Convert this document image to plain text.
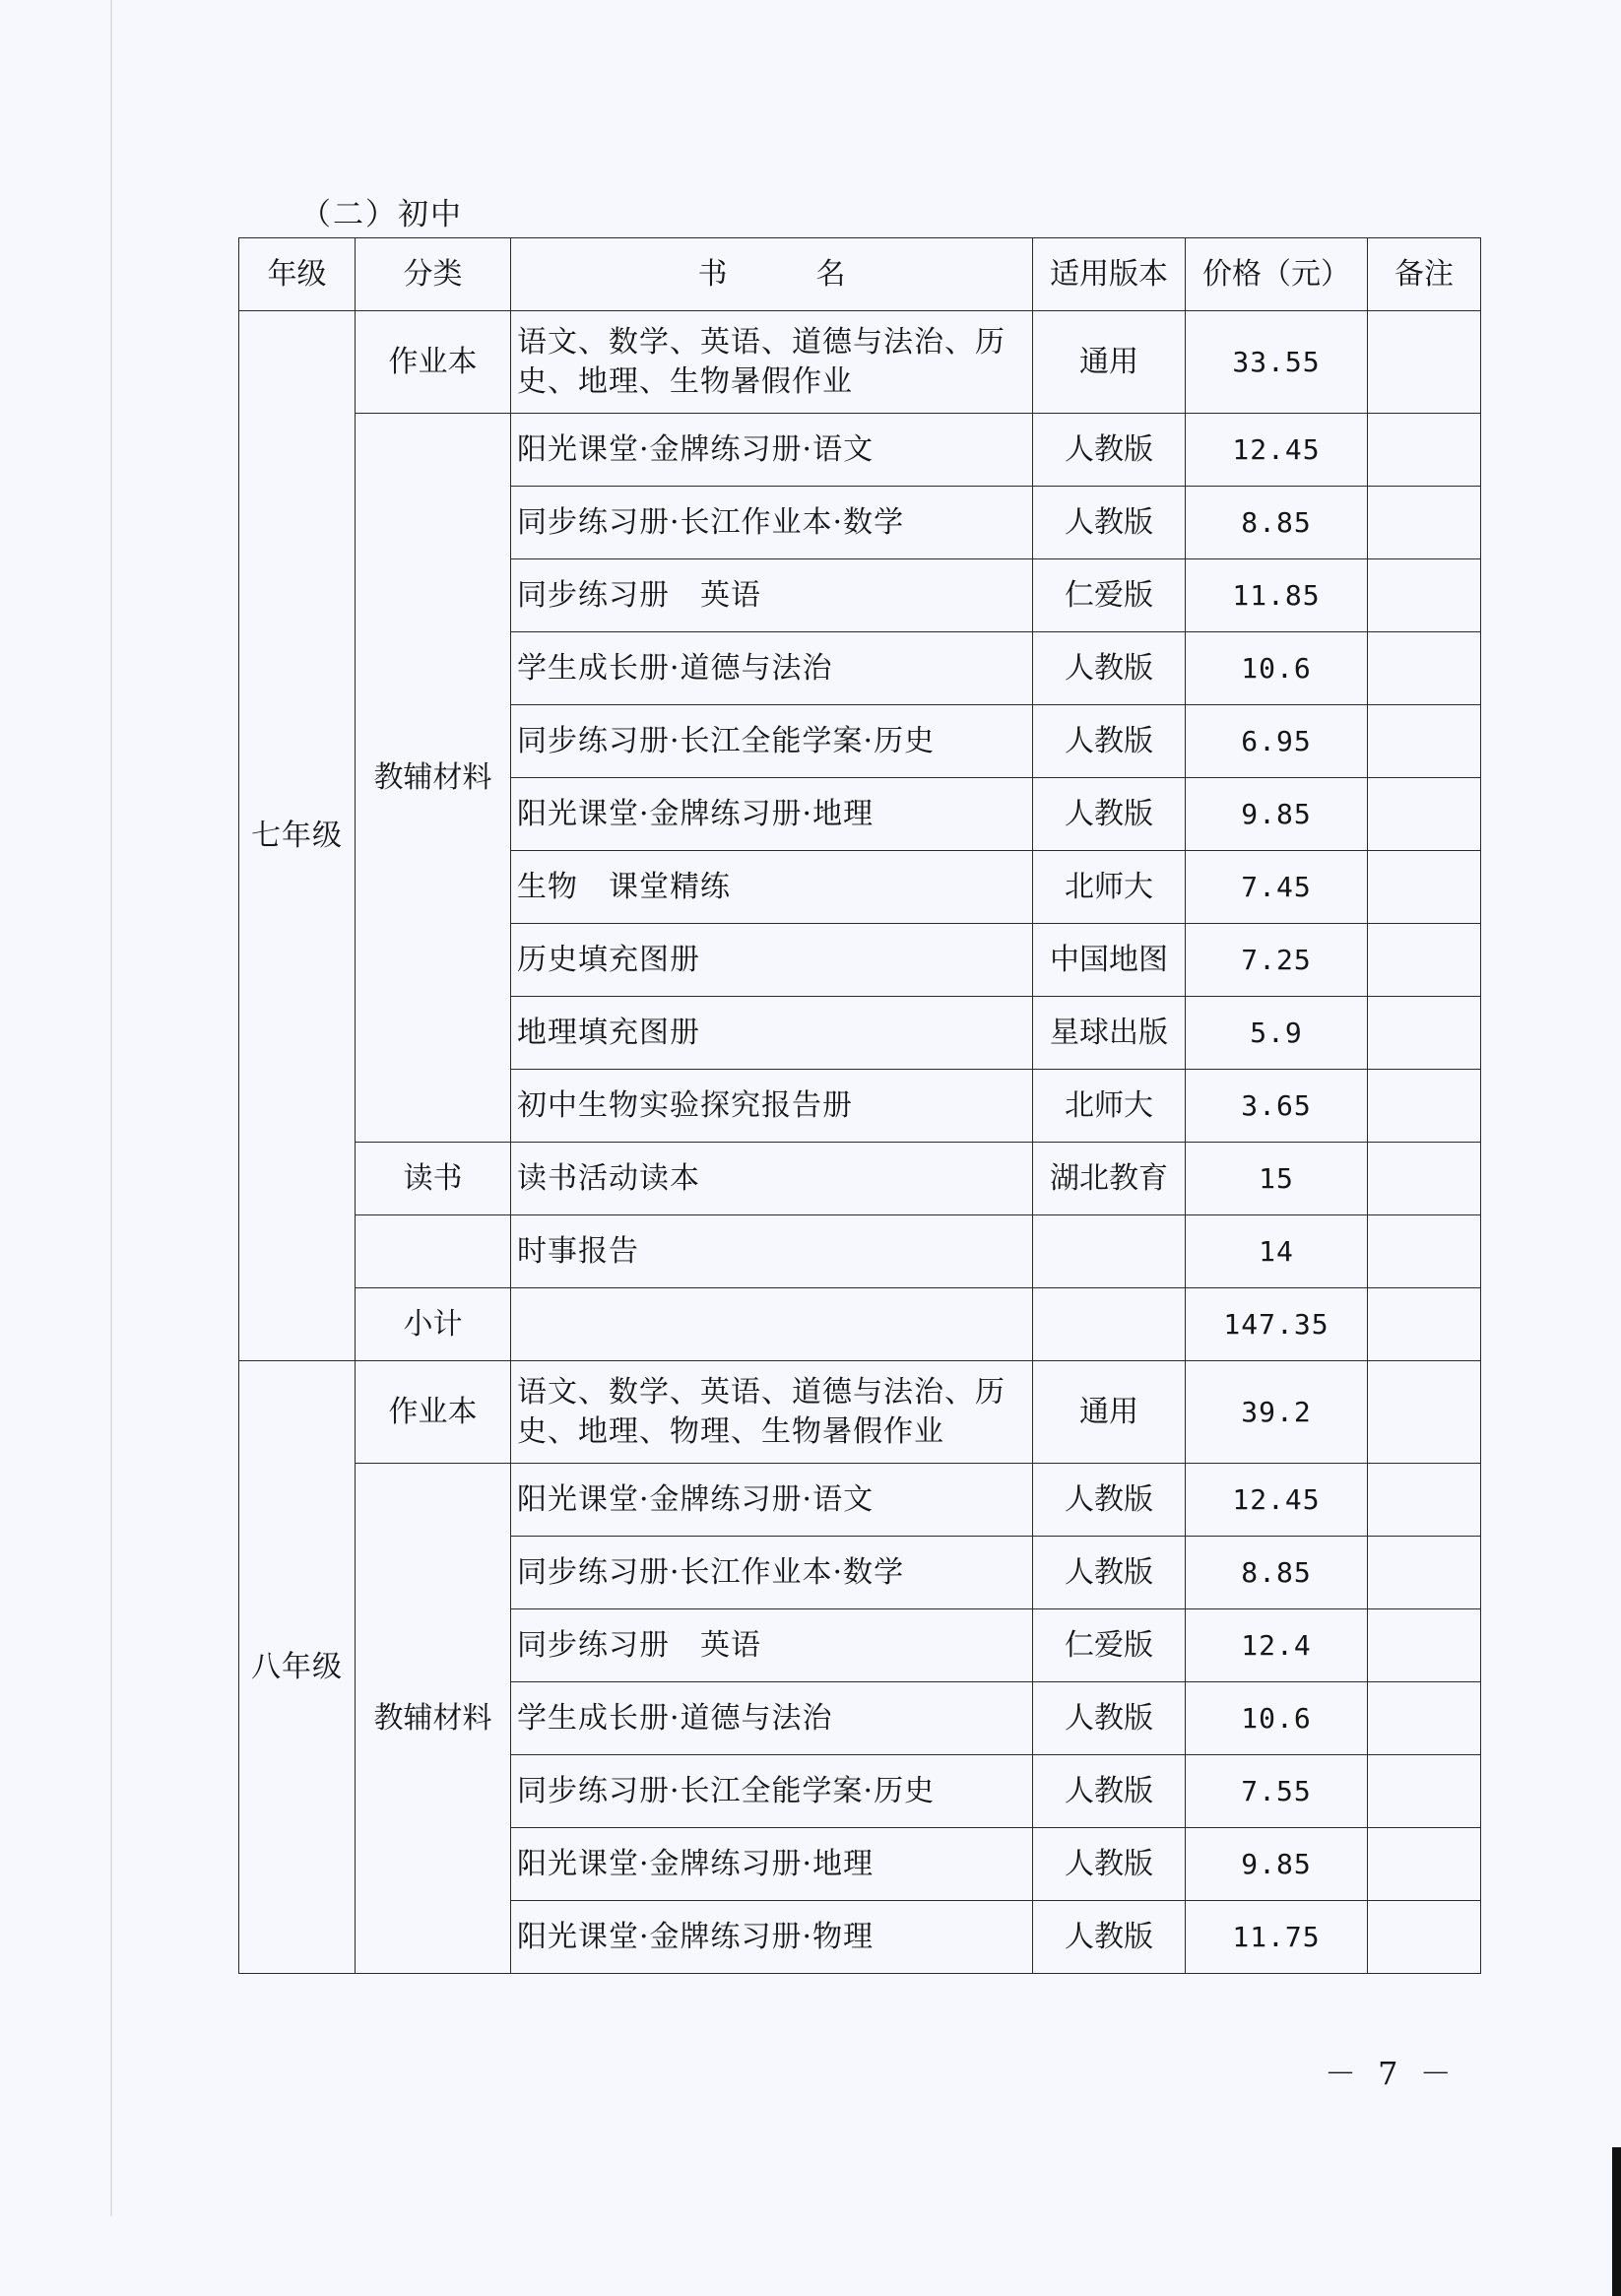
（二）初中
年级	分类	书 名	适用版本	价格（元）	备注
七年级	作业本	语文、数学、英语、道德与法治、历史、地理、生物暑假作业	通用	33.55	
	教辅材料	阳光课堂·金牌练习册·语文	人教版	12.45	
		同步练习册·长江作业本·数学	人教版	8.85	
		同步练习册　英语	仁爱版	11.85	
		学生成长册·道德与法治	人教版	10.6	
		同步练习册·长江全能学案·历史	人教版	6.95	
		阳光课堂·金牌练习册·地理	人教版	9.85	
		生物　课堂精练	北师大	7.45	
		历史填充图册	中国地图	7.25	
		地理填充图册	星球出版	5.9	
		初中生物实验探究报告册	北师大	3.65	
	读书	读书活动读本	湖北教育	15	
		时事报告		14	
	小计			147.35	
八年级	作业本	语文、数学、英语、道德与法治、历史、地理、物理、生物暑假作业	通用	39.2	
	教辅材料	阳光课堂·金牌练习册·语文	人教版	12.45	
		同步练习册·长江作业本·数学	人教版	8.85	
		同步练习册　英语	仁爱版	12.4	
		学生成长册·道德与法治	人教版	10.6	
		同步练习册·长江全能学案·历史	人教版	7.55	
		阳光课堂·金牌练习册·地理	人教版	9.85	
		阳光课堂·金牌练习册·物理	人教版	11.75	
－ 7 －
